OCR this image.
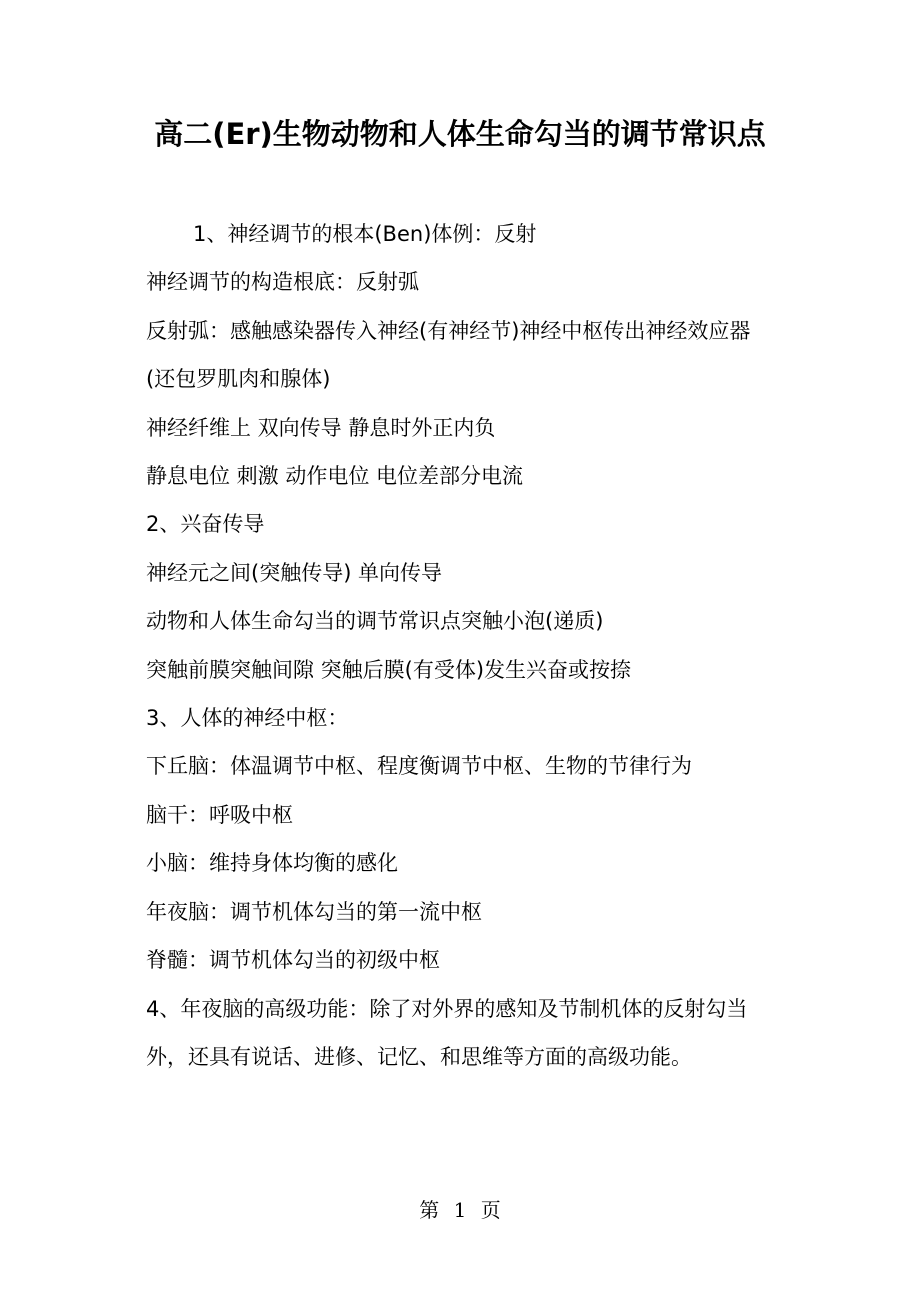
高二(Er)生物动物和人体生命勾当的调节常识点

1、神经调节的根本(Ben)体例：反射

神经调节的构造根底：反射弧

反射弧：感触感染器传入神经(有神经节)神经中枢传出神经效应器(还包罗肌肉和腺体)

神经纤维上 双向传导 静息时外正内负

静息电位 刺激 动作电位 电位差部分电流

2、兴奋传导

神经元之间(突触传导) 单向传导

动物和人体生命勾当的调节常识点突触小泡(递质)

突触前膜突触间隙 突触后膜(有受体)发生兴奋或按捺

3、人体的神经中枢：

下丘脑：体温调节中枢、程度衡调节中枢、生物的节律行为

脑干：呼吸中枢

小脑：维持身体均衡的感化

年夜脑：调节机体勾当的第一流中枢

脊髓：调节机体勾当的初级中枢

4、年夜脑的高级功能：除了对外界的感知及节制机体的反射勾当外，还具有说话、进修、记忆、和思维等方面的高级功能。

第 1 页
